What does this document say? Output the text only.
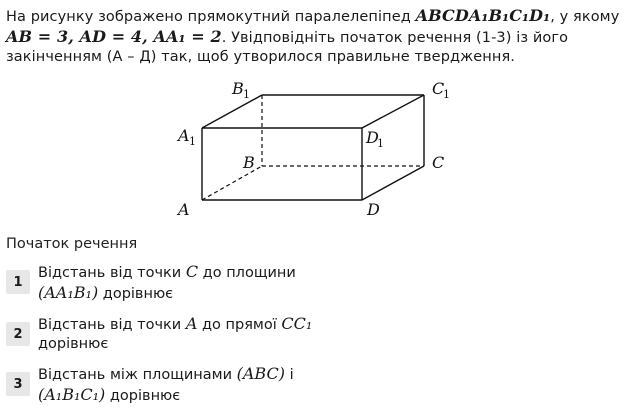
На рисунку зображено прямокутний паралелепіпед ABCDA₁B₁C₁D₁, у якому
AB = 3, AD = 4, AA₁ = 2. Увідповідніть початок речення (1-3) із його
закінченням (А – Д) так, щоб утворилося правильне твердження.
A	D
B	C
A 1
B 1	C
1
D
1
Початок речення
1
Відстань від точки C до площини
(AA₁B₁) дорівнює
2
Відстань від точки A до прямої CC₁
дорівнює
3
Відстань між площинами (ABC) і
(A₁B₁C₁) дорівнює
